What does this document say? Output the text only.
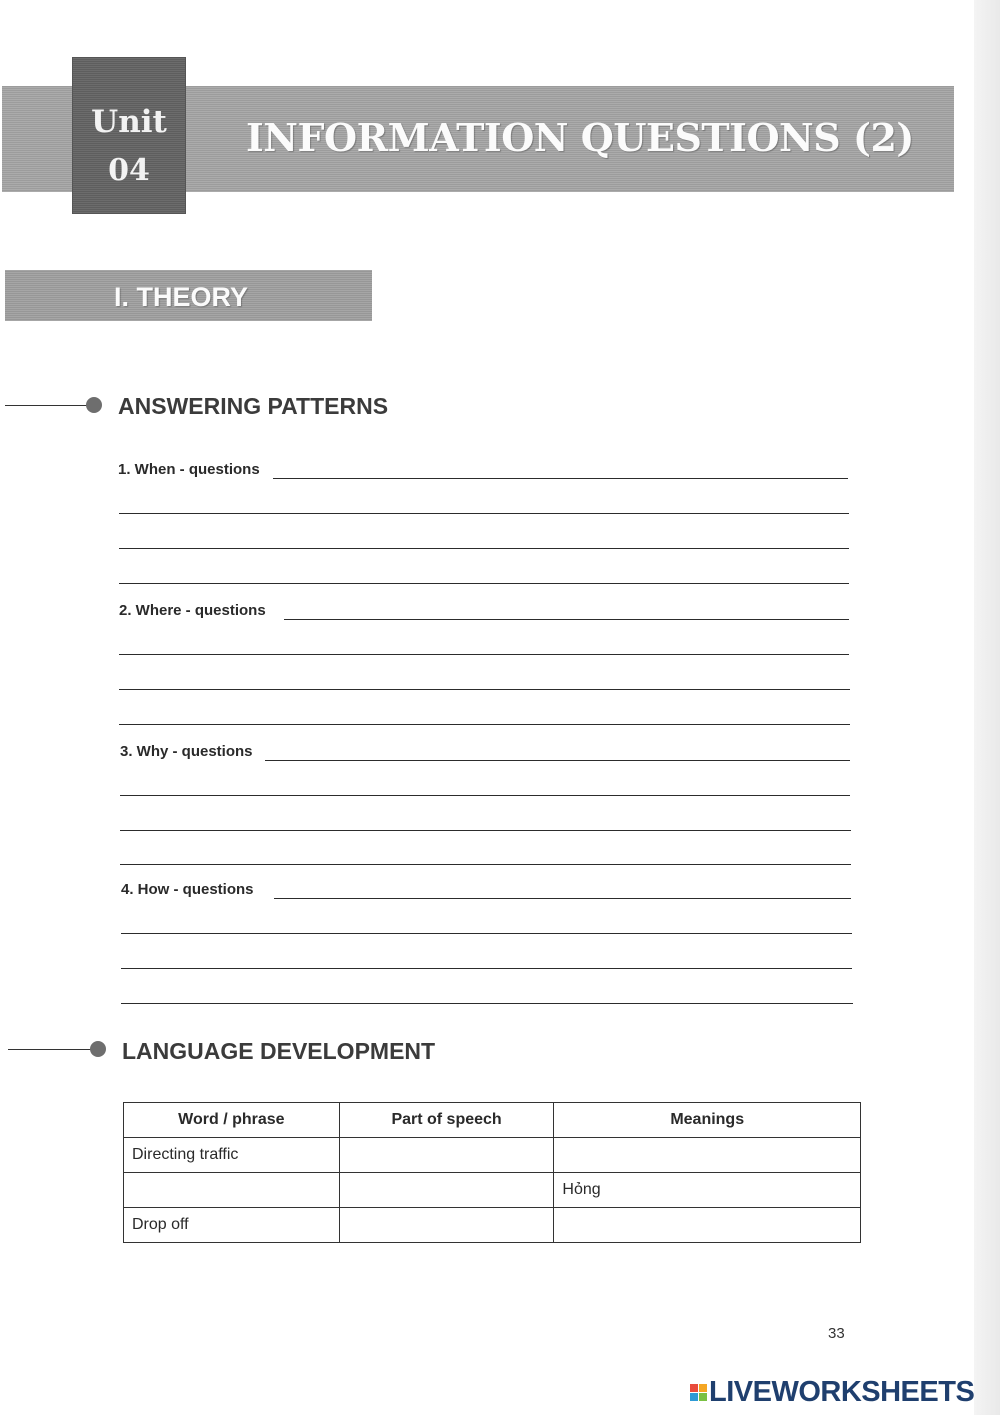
Unit
04
INFORMATION QUESTIONS (2)
I. THEORY
ANSWERING PATTERNS
1. When - questions
2. Where - questions
3. Why - questions
4. How - questions
LANGUAGE DEVELOPMENT
Word / phrase	Part of speech	Meanings
Directing traffic		
		Hỏng
Drop off		
33
LIVEWORKSHEETS
